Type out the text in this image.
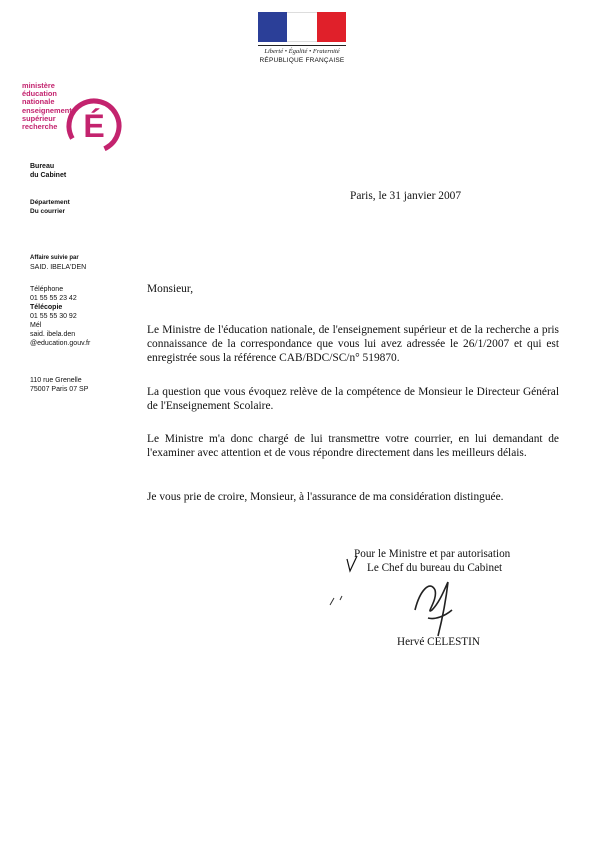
Liberté • Égalité • Fraternité
RÉPUBLIQUE FRANÇAISE
ministère
éducation
nationale
enseignement
supérieur
recherche É
Bureau
du Cabinet
Département
Du courrier
Affaire suivie par
SAID. IBELA'DEN
Téléphone
01 55 55 23 42
Télécopie
01 55 55 30 92
Mél
said. ibela.den
@education.gouv.fr
110 rue Grenelle
75007 Paris 07 SP
Paris, le 31 janvier 2007
Monsieur,
Le Ministre de l'éducation nationale, de l'enseignement supérieur et de la recherche a pris connaissance de la correspondance que vous lui avez adressée le 26/1/2007 et qui est enregistrée sous la référence CAB/BDC/SC/n° 519870.
La question que vous évoquez relève de la compétence de Monsieur le Directeur Général de l'Enseignement Scolaire.
Le Ministre m'a donc chargé de lui transmettre votre courrier, en lui demandant de l'examiner avec attention et de vous répondre directement dans les meilleurs délais.
Je vous prie de croire, Monsieur, à l'assurance de ma considération distinguée.
Pour le Ministre et par autorisation
Le Chef du bureau du Cabinet
Hervé CELESTIN
